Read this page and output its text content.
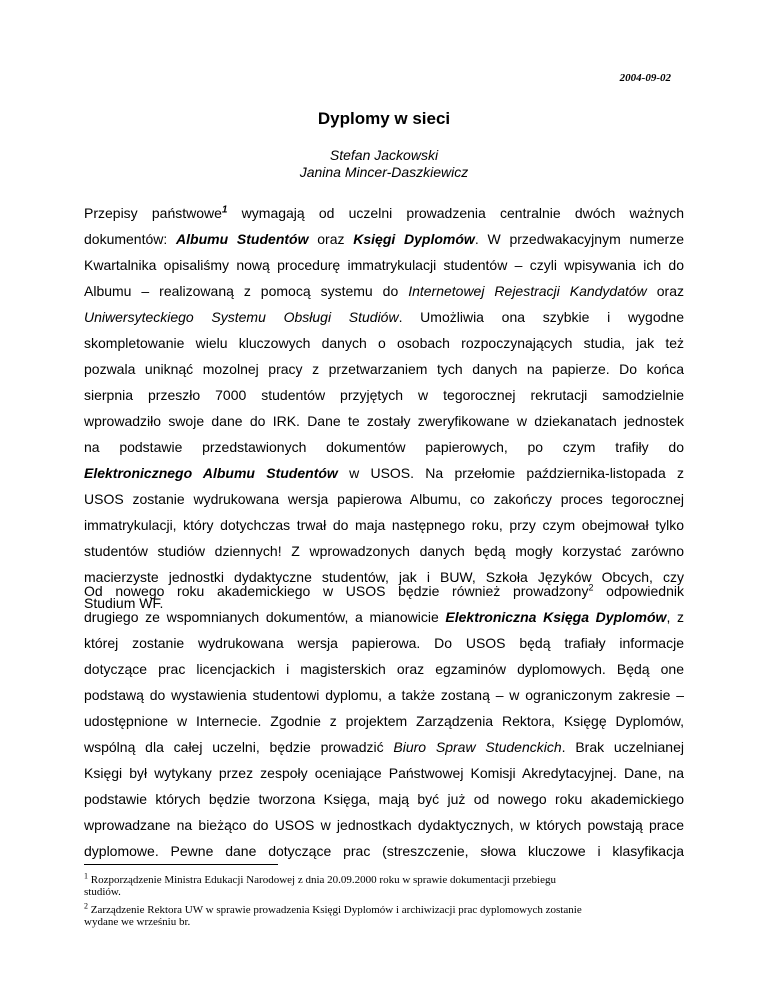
2004-09-02
Dyplomy w sieci
Stefan Jackowski
Janina Mincer-Daszkiewicz
Przepisy państwowe$^1$ wymagają od uczelni prowadzenia centralnie dwóch ważnych
dokumentów: Albumu Studentów oraz Księgi Dyplomów. W przedwakacyjnym numerze
Kwartalnika opisaliśmy nową procedurę immatrykulacji studentów – czyli wpisywania ich do
Albumu – realizowaną z pomocą systemu do Internetowej Rejestracji Kandydatów oraz
Uniwersyteckiego Systemu Obsługi Studiów. Umożliwia ona szybkie i wygodne
skompletowanie wielu kluczowych danych o osobach rozpoczynających studia, jak też
pozwala uniknąć mozolnej pracy z przetwarzaniem tych danych na papierze. Do końca
sierpnia przeszło 7000 studentów przyjętych w tegorocznej rekrutacji samodzielnie
wprowadziło swoje dane do IRK. Dane te zostały zweryfikowane w dziekanatach jednostek
na podstawie przedstawionych dokumentów papierowych, po czym trafiły do
Elektronicznego Albumu Studentów w USOS. Na przełomie października-listopada z
USOS zostanie wydrukowana wersja papierowa Albumu, co zakończy proces tegorocznej
immatrykulacji, który dotychczas trwał do maja następnego roku, przy czym obejmował tylko
studentów studiów dziennych! Z wprowadzonych danych będą mogły korzystać zarówno
macierzyste jednostki dydaktyczne studentów, jak i BUW, Szkoła Języków Obcych, czy
Studium WF.
Od nowego roku akademickiego w USOS będzie również prowadzony$^2$ odpowiednik
drugiego ze wspomnianych dokumentów, a mianowicie Elektroniczna Księga Dyplomów, z
której zostanie wydrukowana wersja papierowa. Do USOS będą trafiały informacje
dotyczące prac licencjackich i magisterskich oraz egzaminów dyplomowych. Będą one
podstawą do wystawienia studentowi dyplomu, a także zostaną – w ograniczonym zakresie –
udostępnione w Internecie. Zgodnie z projektem Zarządzenia Rektora, Księgę Dyplomów,
wspólną dla całej uczelni, będzie prowadzić Biuro Spraw Studenckich. Brak uczelnianej
Księgi był wytykany przez zespoły oceniające Państwowej Komisji Akredytacyjnej. Dane, na
podstawie których będzie tworzona Księga, mają być już od nowego roku akademickiego
wprowadzane na bieżąco do USOS w jednostkach dydaktycznych, w których powstają prace
dyplomowe. Pewne dane dotyczące prac (streszczenie, słowa kluczowe i klasyfikacja
$^1$ Rozporządzenie Ministra Edukacji Narodowej z dnia 20.09.2000 roku w sprawie dokumentacji przebiegu
studiów.
$^2$ Zarządzenie Rektora UW w sprawie prowadzenia Księgi Dyplomów i archiwizacji prac dyplomowych zostanie
wydane we wrześniu br.
